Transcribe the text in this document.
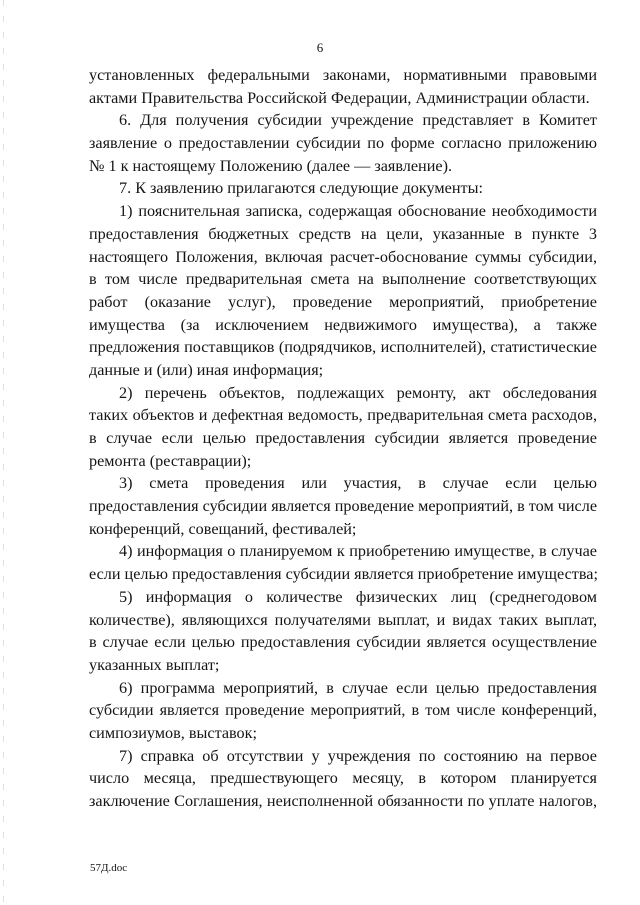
6
установленных федеральными законами, нормативными правовыми
актами Правительства Российской Федерации, Администрации области.
6. Для получения субсидии учреждение представляет в Комитет
заявление о предоставлении субсидии по форме согласно приложению
№ 1 к настоящему Положению (далее — заявление).
7. К заявлению прилагаются следующие документы:
1) пояснительная записка, содержащая обоснование необходимости
предоставления бюджетных средств на цели, указанные в пункте 3
настоящего Положения, включая расчет-обоснование суммы субсидии,
в том числе предварительная смета на выполнение соответствующих
работ (оказание услуг), проведение мероприятий, приобретение
имущества (за исключением недвижимого имущества), а также
предложения поставщиков (подрядчиков, исполнителей), статистические
данные и (или) иная информация;
2) перечень объектов, подлежащих ремонту, акт обследования
таких объектов и дефектная ведомость, предварительная смета расходов,
в случае если целью предоставления субсидии является проведение
ремонта (реставрации);
3) смета проведения или участия, в случае если целью
предоставления субсидии является проведение мероприятий, в том числе
конференций, совещаний, фестивалей;
4) информация о планируемом к приобретению имуществе, в случае
если целью предоставления субсидии является приобретение имущества;
5) информация о количестве физических лиц (среднегодовом
количестве), являющихся получателями выплат, и видах таких выплат,
в случае если целью предоставления субсидии является осуществление
указанных выплат;
6) программа мероприятий, в случае если целью предоставления
субсидии является проведение мероприятий, в том числе конференций,
симпозиумов, выставок;
7) справка об отсутствии у учреждения по состоянию на первое
число месяца, предшествующего месяцу, в котором планируется
заключение Соглашения, неисполненной обязанности по уплате налогов,
57Д.doc
